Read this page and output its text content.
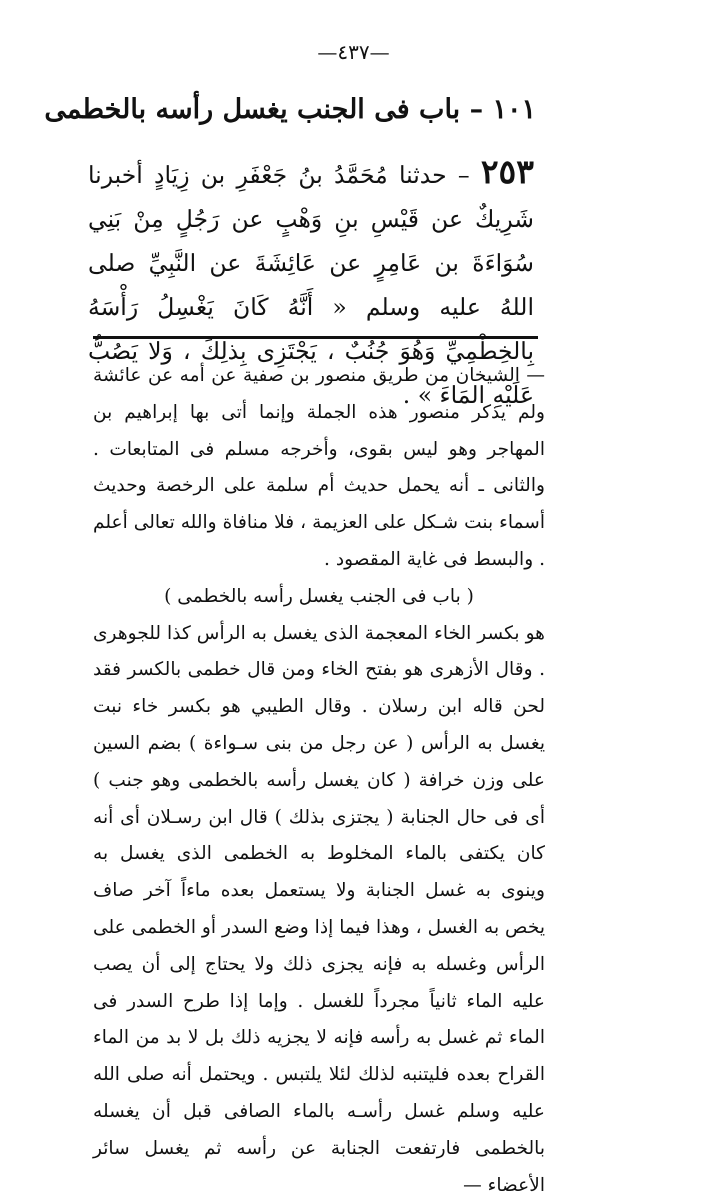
—٤٣٧—
١٠١ – باب فى الجنب يغسل رأسه بالخطمى
٢٥٣ – حدثنا مُحَمَّدُ بنُ جَعْفَرِ بن زِيَادٍ أخبرنا شَرِيكٌ عن قَيْسِ بنِ وَهْبٍ عن رَجُلٍ مِنْ بَنِي سُوَاءَةَ بن عَامِرٍ عن عَائِشَةَ عن النَّبِيِّ صلى اللهُ عليه وسلم « أَنَّهُ كَانَ يَغْسِلُ رَأْسَهُ بِالخِطْمِيِّ وَهُوَ جُنُبٌ ، يَجْتَزِى بِذلِكَ ، وَلا يَصُبُّ عَلَيْهِ المَاءَ » .

— الشيخان من طريق منصور بن صفية عن أمه عن عائشة ولم يذكر منصور هذه الجملة وإنما أتى بها إبراهيم بن المهاجر وهو ليس بقوى، وأخرجه مسلم فى المتابعات . والثانى ـ أنه يحمل حديث أم سلمة على الرخصة وحديث أسماء بنت شـكل على العزيمة ، فلا منافاة والله تعالى أعلم . والبسط فى غاية المقصود .

( باب فى الجنب يغسل رأسه بالخطمى )

هو بكسر الخاء المعجمة الذى يغسل به الرأس كذا للجوهرى . وقال الأزهرى هو بفتح الخاء ومن قال خطمى بالكسر فقد لحن قاله ابن رسلان . وقال الطيبي هو بكسر خاء نبت يغسل به الرأس ( عن رجل من بنى سـواءة ) بضم السين على وزن خرافة ( كان يغسل رأسه بالخطمى وهو جنب ) أى فى حال الجنابة ( يجتزى بذلك ) قال ابن رسـلان أى أنه كان يكتفى بالماء المخلوط به الخطمى الذى يغسل به وينوى به غسل الجنابة ولا يستعمل بعده ماءاً آخر صاف يخص به الغسل ، وهذا فيما إذا وضع السدر أو الخطمى على الرأس وغسله به فإنه يجزى ذلك ولا يحتاج إلى أن يصب عليه الماء ثانياً مجرداً للغسل . وإما إذا طرح السدر فى الماء ثم غسل به رأسه فإنه لا يجزيه ذلك بل لا بد من الماء القراح بعده فليتنبه لذلك لئلا يلتبس . ويحتمل أنه صلى الله عليه وسلم غسل رأسـه بالماء الصافى قبل أن يغسله بالخطمى فارتفعت الجنابة عن رأسه ثم يغسل سائر الأعضاء —
